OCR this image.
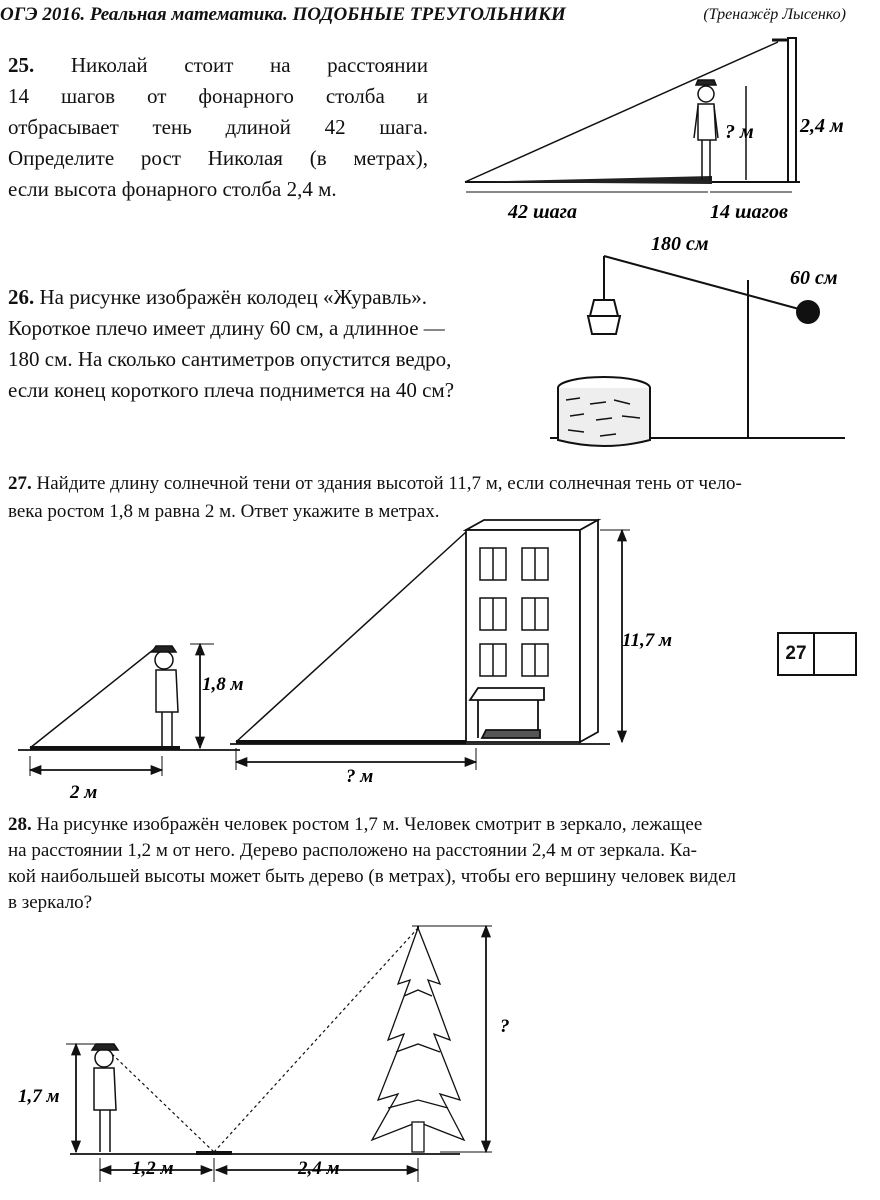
ОГЭ 2016. Реальная математика. ПОДОБНЫЕ ТРЕУГОЛЬНИКИ	(Тренажёр Лысенко)
25. Николай стоит на расстоянии
14 шагов от фонарного столба и
отбрасывает тень длиной 42 шага.
Определите рост Николая (в метрах),
если высота фонарного столба 2,4 м.
26. На рисунке изображён колодец «Журавль».
Короткое плечо имеет длину 60 см, а длинное —
180 см. На сколько сантиметров опустится ведро,
если конец короткого плеча поднимется на 40 см?
27. Найдите длину солнечной тени от здания высотой 11,7 м, если солнечная тень от чело-
века ростом 1,8 м равна 2 м. Ответ укажите в метрах.
28. На рисунке изображён человек ростом 1,7 м. Человек смотрит в зеркало, лежащее
на расстоянии 1,2 м от него. Дерево расположено на расстоянии 2,4 м от зеркала. Ка-
кой наибольшей высоты может быть дерево (в метрах), чтобы его вершину человек видел
в зеркало?
27
? м 2,4 м
42 шага	14 шагов
180 см
60 см
1,8 м
2 м
11,7 м
? м
1,7 м
1,2 м	2,4 м
?
